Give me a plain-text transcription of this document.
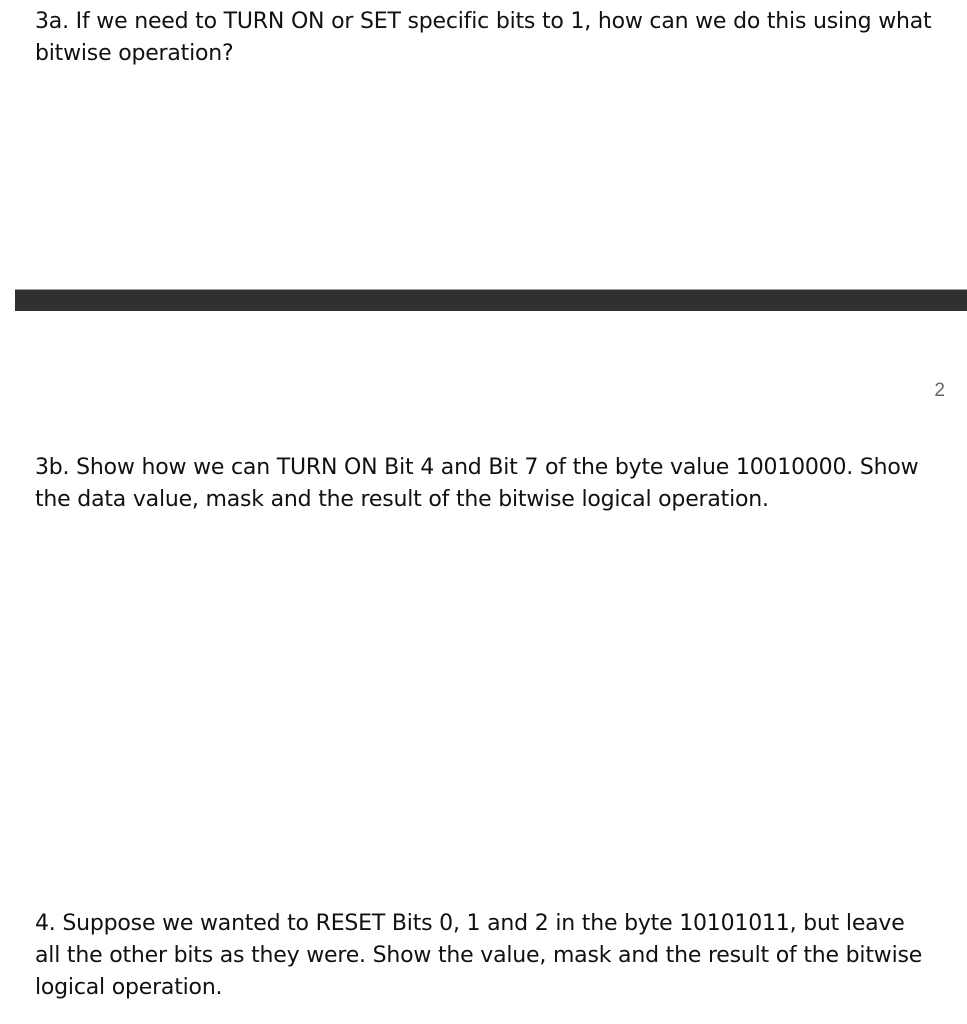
3a. If we need to TURN ON or SET specific bits to 1, how can we do this using what bitwise operation?

2

3b. Show how we can TURN ON Bit 4 and Bit 7 of the byte value 10010000. Show the data value, mask and the result of the bitwise logical operation.

4. Suppose we wanted to RESET Bits 0, 1 and 2 in the byte 10101011, but leave all the other bits as they were. Show the value, mask and the result of the bitwise logical operation.
